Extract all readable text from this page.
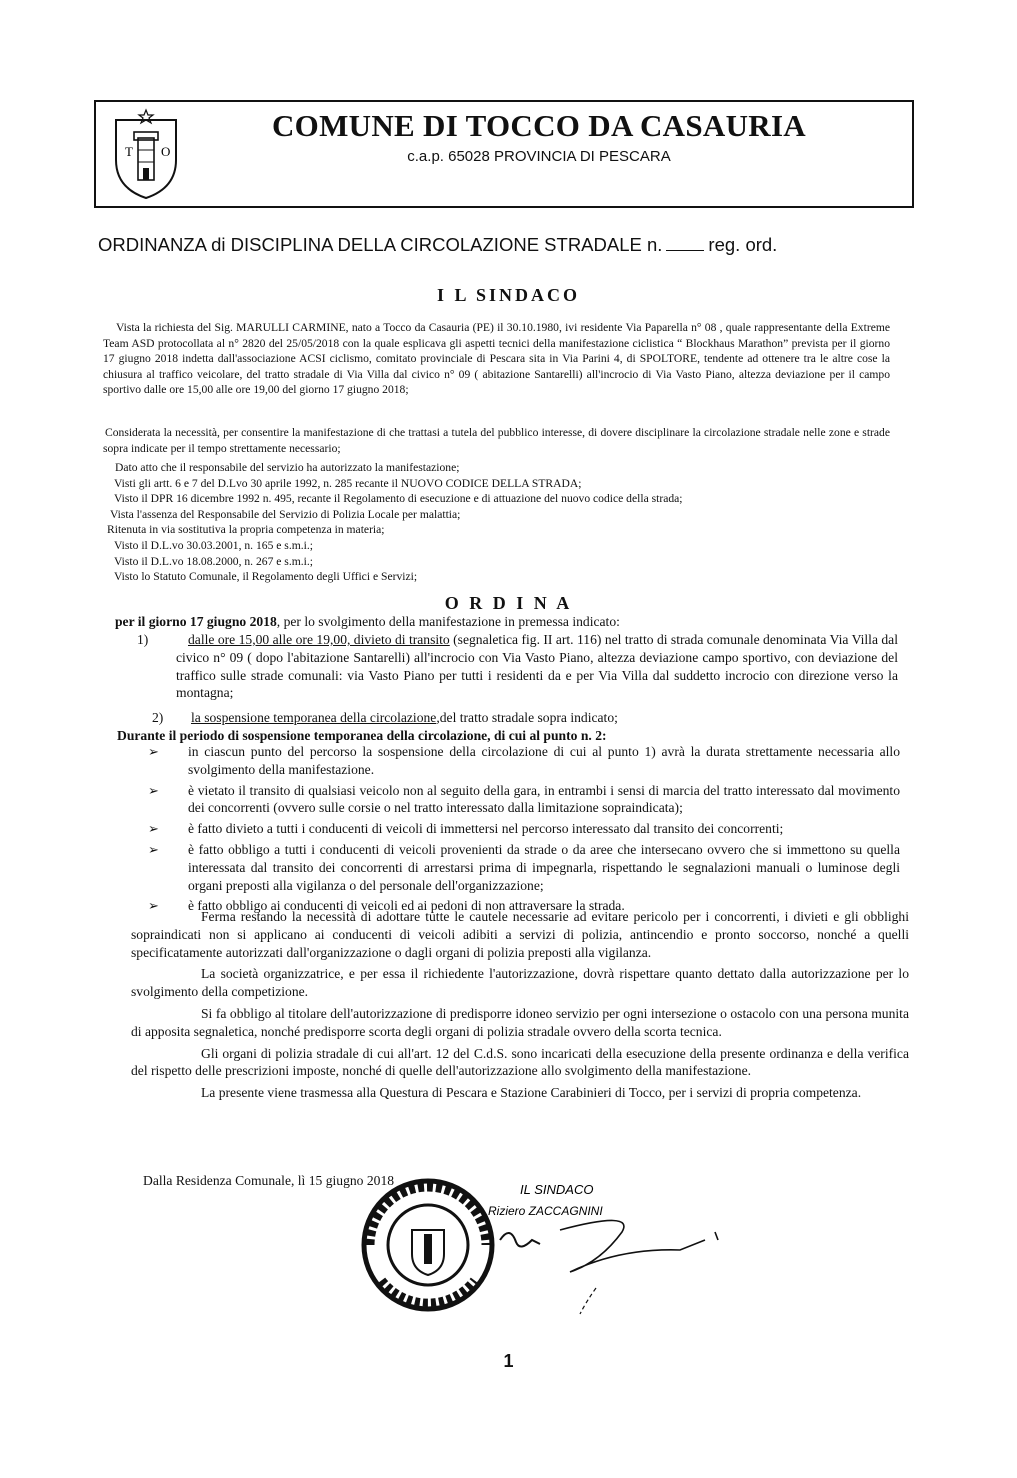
T O
COMUNE DI TOCCO DA CASAURIA
c.a.p. 65028 PROVINCIA DI PESCARA
ORDINANZA di DISCIPLINA DELLA CIRCOLAZIONE STRADALE n. reg. ord.
I L SINDACO

Vista la richiesta del Sig. MARULLI CARMINE, nato a Tocco da Casauria (PE) il 30.10.1980, ivi residente Via Paparella n° 08 , quale rappresentante della Extreme Team ASD protocollata al n° 2820 del 25/05/2018 con la quale esplicava gli aspetti tecnici della manifestazione ciclistica “ Blockhaus Marathon” prevista per il giorno 17 giugno 2018 indetta dall'associazione ACSI ciclismo, comitato provinciale di Pescara sita in Via Parini 4, di SPOLTORE, tendente ad ottenere tra le altre cose la chiusura al traffico veicolare, del tratto stradale di Via Villa dal civico n° 09 ( abitazione Santarelli) all'incrocio di Via Vasto Piano, altezza deviazione per il campo sportivo dalle ore 15,00 alle ore 19,00 del giorno 17 giugno 2018;

Considerata la necessità, per consentire la manifestazione di che trattasi a tutela del pubblico interesse, di dovere disciplinare la circolazione stradale nelle zone e strade sopra indicate per il tempo strettamente necessario;

Dato atto che il responsabile del servizio ha autorizzato la manifestazione;

Visti gli artt. 6 e 7 del D.Lvo 30 aprile 1992, n. 285 recante il NUOVO CODICE DELLA STRADA;

Visto il DPR 16 dicembre 1992 n. 495, recante il Regolamento di esecuzione e di attuazione del nuovo codice della strada;

Vista l'assenza del Responsabile del Servizio di Polizia Locale per malattia;

Ritenuta in via sostitutiva la propria competenza in materia;

Visto il D.L.vo 30.03.2001, n. 165 e s.m.i.;

Visto il D.L.vo 18.08.2000, n. 267 e s.m.i.;

Visto lo Statuto Comunale, il Regolamento degli Uffici e Servizi;

O R D I N A

per il giorno 17 giugno 2018, per lo svolgimento della manifestazione in premessa indicato:

1)	dalle ore 15,00 alle ore 19,00, divieto di transito (segnaletica fig. II art. 116) nel tratto di strada comunale denominata Via Villa dal civico n° 09 ( dopo l'abitazione Santarelli) all'incrocio con Via Vasto Piano, altezza deviazione campo sportivo, con deviazione del traffico sulle strade comunali: via Vasto Piano per tutti i residenti da e per Via Villa dal suddetto incrocio con direzione verso la montagna;

2) la sospensione temporanea della circolazione,del tratto stradale sopra indicato;

Durante il periodo di sospensione temporanea della circolazione, di cui al punto n. 2:

➢ in ciascun punto del percorso la sospensione della circolazione di cui al punto 1) avrà la durata strettamente necessaria allo svolgimento della manifestazione.

➢ è vietato il transito di qualsiasi veicolo non al seguito della gara, in entrambi i sensi di marcia del tratto interessato dal movimento dei concorrenti (ovvero sulle corsie o nel tratto interessato dalla limitazione sopraindicata);

➢ è fatto divieto a tutti i conducenti di veicoli di immettersi nel percorso interessato dal transito dei concorrenti;

➢ è fatto obbligo a tutti i conducenti di veicoli provenienti da strade o da aree che intersecano ovvero che si immettono su quella interessata dal transito dei concorrenti di arrestarsi prima di impegnarla, rispettando le segnalazioni manuali o luminose degli organi preposti alla vigilanza o del personale dell'organizzazione;

➢ è fatto obbligo ai conducenti di veicoli ed ai pedoni di non attraversare la strada.

Ferma restando la necessità di adottare tutte le cautele necessarie ad evitare pericolo per i concorrenti, i divieti e gli obblighi sopraindicati non si applicano ai conducenti di veicoli adibiti a servizi di polizia, antincendio e pronto soccorso, nonché a quelli specificatamente autorizzati dall'organizzazione o dagli organi di polizia preposti alla vigilanza.

La società organizzatrice, e per essa il richiedente l'autorizzazione, dovrà rispettare quanto dettato dalla autorizzazione per lo svolgimento della competizione.

Si fa obbligo al titolare dell'autorizzazione di predisporre idoneo servizio per ogni intersezione o ostacolo con una persona munita di apposita segnaletica, nonché predisporre scorta degli organi di polizia stradale ovvero della scorta tecnica.

Gli organi di polizia stradale di cui all'art. 12 del C.d.S. sono incaricati della esecuzione della presente ordinanza e della verifica del rispetto delle prescrizioni imposte, nonché di quelle dell'autorizzazione allo svolgimento della manifestazione.

La presente viene trasmessa alla Questura di Pescara e Stazione Carabinieri di Tocco, per i servizi di propria competenza.

Dalla Residenza Comunale, lì 15 giugno 2018
IL SINDACO
Riziero ZACCAGNINI
1
